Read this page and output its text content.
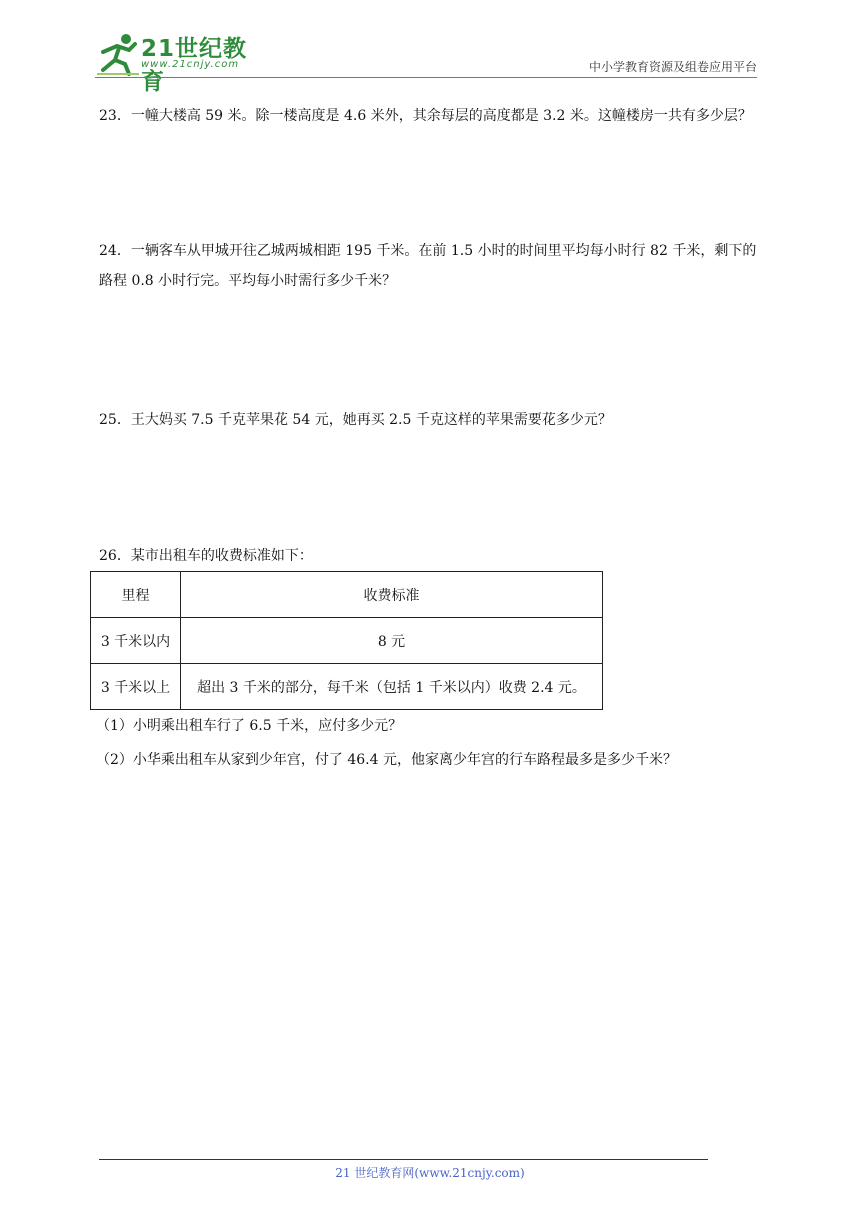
21世纪教育
www.21cnjy.com	中小学教育资源及组卷应用平台

23．一幢大楼高 59 米。除一楼高度是 4.6 米外，其余每层的高度都是 3.2 米。这幢楼房一共有多少层？

24．一辆客车从甲城开往乙城两城相距 195 千米。在前 1.5 小时的时间里平均每小时行 82 千米，剩下的路程 0.8 小时行完。平均每小时需行多少千米？

25．王大妈买 7.5 千克苹果花 54 元，她再买 2.5 千克这样的苹果需要花多少元？

26．某市出租车的收费标准如下：

里程	收费标准
3 千米以内	8 元
3 千米以上	超出 3 千米的部分，每千米（包括 1 千米以内）收费 2.4 元。

（1）小明乘出租车行了 6.5 千米，应付多少元？

（2）小华乘出租车从家到少年宫，付了 46.4 元，他家离少年宫的行车路程最多是多少千米？

21 世纪教育网(www.21cnjy.com)
